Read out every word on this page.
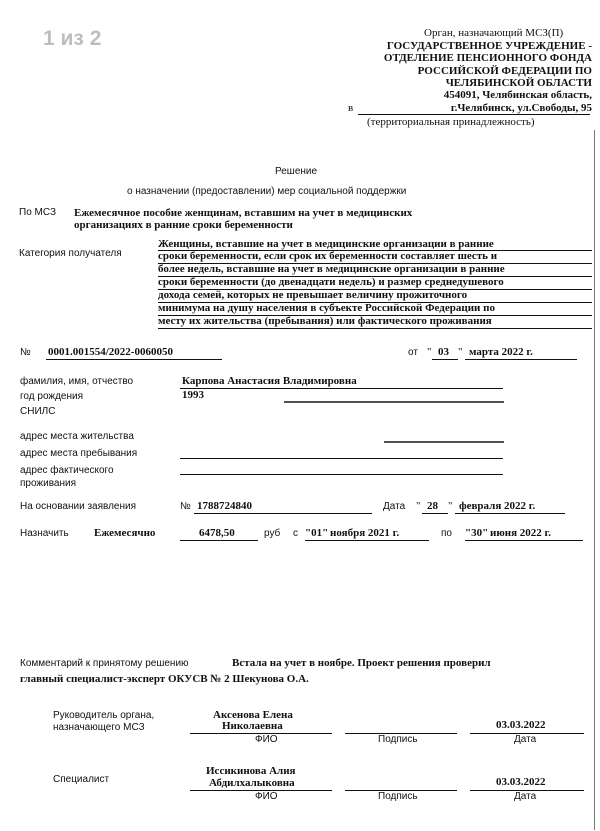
1 из 2	Орган, назначающий МСЗ(П)
ГОСУДАРСТВЕННОЕ УЧРЕЖДЕНИЕ -
ОТДЕЛЕНИЕ ПЕНСИОННОГО ФОНДА
РОССИЙСКОЙ ФЕДЕРАЦИИ ПО
ЧЕЛЯБИНСКОЙ ОБЛАСТИ
454091, Челябинская область,
в	г.Челябинск, ул.Свободы, 95
(территориальная принадлежность)
Решение
о назначении (предоставлении) мер социальной поддержки
По МСЗ Ежемесячное пособие женщинам, вставшим на учет в медицинских
организациях в ранние сроки беременности
Категория получателя
Женщины, вставшие на учет в медицинские организации в ранние
сроки беременности, если срок их беременности составляет шесть и
более недель, вставшие на учет в медицинские организации в ранние
сроки беременности (до двенадцати недель) и размер среднедушевого
дохода семей, которых не превышает величину прожиточного
минимума на душу населения в субъекте Российской Федерации по
месту их жительства (пребывания) или фактического проживания
№ 0001.001554/2022-0060050	от " 03 " марта 2022 г.
фамилия, имя, отчество	Карпова Анастасия Владимировна
год рождения	1993
СНИЛС
адрес места жительства
адрес места пребывания
адрес фактического
проживания
На основании заявления	№ 1788724840	Дата " 28 " февраля 2022 г.
Назначить Ежемесячно	6478,50	руб с "01" ноября 2021 г.	по "30" июня 2022 г.
Комментарий к принятому решению	Встала на учет в ноябре. Проект решения проверил
главный специалист-эксперт ОКУСВ № 2 Шекунова О.А.
Руководитель органа,
назначающего МСЗ
Аксенова Елена
Николаевна	03.03.2022
ФИО	Подпись	Дата
Специалист
Иссикинова Алия
Абдилхалыковна	03.03.2022
ФИО	Подпись	Дата
